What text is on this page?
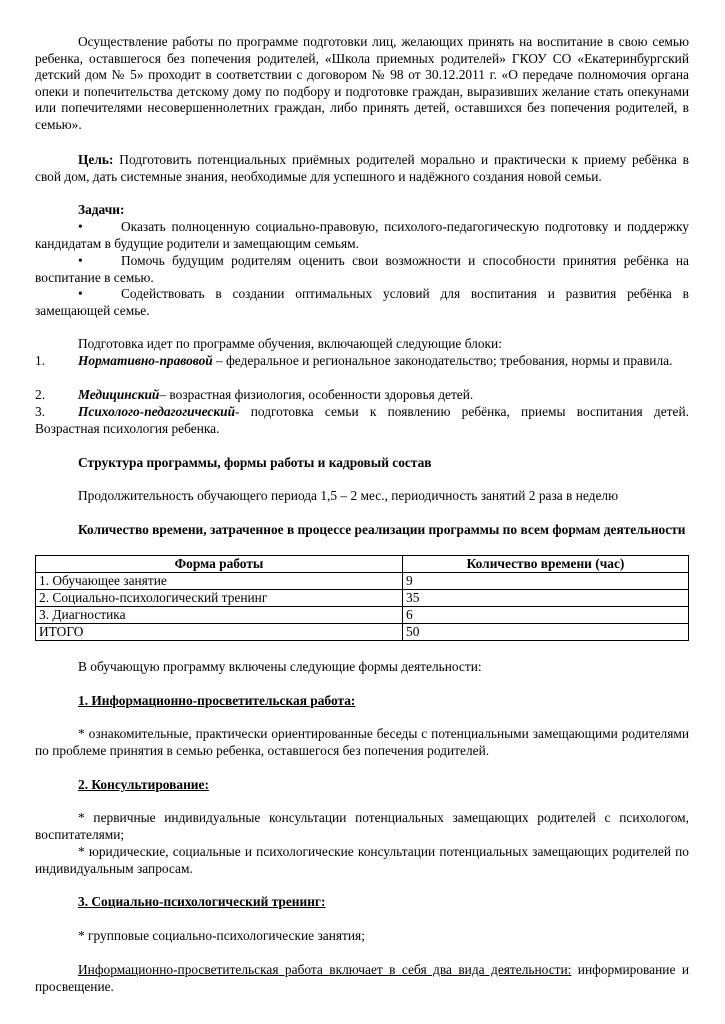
Осуществление работы по программе подготовки лиц, желающих принять на воспитание в свою семью ребенка, оставшегося без попечения родителей, «Школа приемных родителей» ГКОУ СО «Екатеринбургский детский дом № 5» проходит в соответствии с договором № 98 от 30.12.2011 г. «О передаче полномочия органа опеки и попечительства детскому дому по подбору и подготовке граждан, выразивших желание стать опекунами или попечителями несовершеннолетних граждан, либо принять детей, оставшихся без попечения родителей, в семью».

Цель: Подготовить потенциальных приёмных родителей морально и практически к приему ребёнка в свой дом, дать системные знания, необходимые для успешного и надёжного создания новой семьи.

Задачи:

•	Оказать полноценную социально-правовую, психолого-педагогическую подготовку и поддержку кандидатам в будущие родители и замещающим семьям.

•	Помочь будущим родителям оценить свои возможности и способности принятия ребёнка на воспитание в семью.

•	Содействовать в создании оптимальных условий для воспитания и развития ребёнка в замещающей семье.

Подготовка идет по программе обучения, включающей следующие блоки:

1. Нормативно-правовой – федеральное и региональное законодательство; требования, нормы и правила.

2. Медицинский– возрастная физиология, особенности здоровья детей.

3. Психолого-педагогический- подготовка семьи к появлению ребёнка, приемы воспитания детей. Возрастная психология ребенка.

Структура программы, формы работы и кадровый состав

Продолжительность обучающего периода 1,5 – 2 мес., периодичность занятий 2 раза в неделю

Количество времени, затраченное в процессе реализации программы по всем формам деятельности

Форма работы	Количество времени (час)
1. Обучающее занятие	9
2. Социально-психологический тренинг	35
3. Диагностика	6
ИТОГО	50

В обучающую программу включены следующие формы деятельности:

1. Информационно-просветительская работа:

* ознакомительные, практически ориентированные беседы с потенциальными замещающими родителями по проблеме принятия в семью ребенка, оставшегося без попечения родителей.

2. Консультирование:

* первичные индивидуальные консультации потенциальных замещающих родителей с психологом, воспитателями;

* юридические, социальные и психологические консультации потенциальных замещающих родителей по индивидуальным запросам.

3. Социально-психологический тренинг:

* групповые социально-психологические занятия;

Информационно-просветительская работа включает в себя два вида деятельности: информирование и просвещение.
